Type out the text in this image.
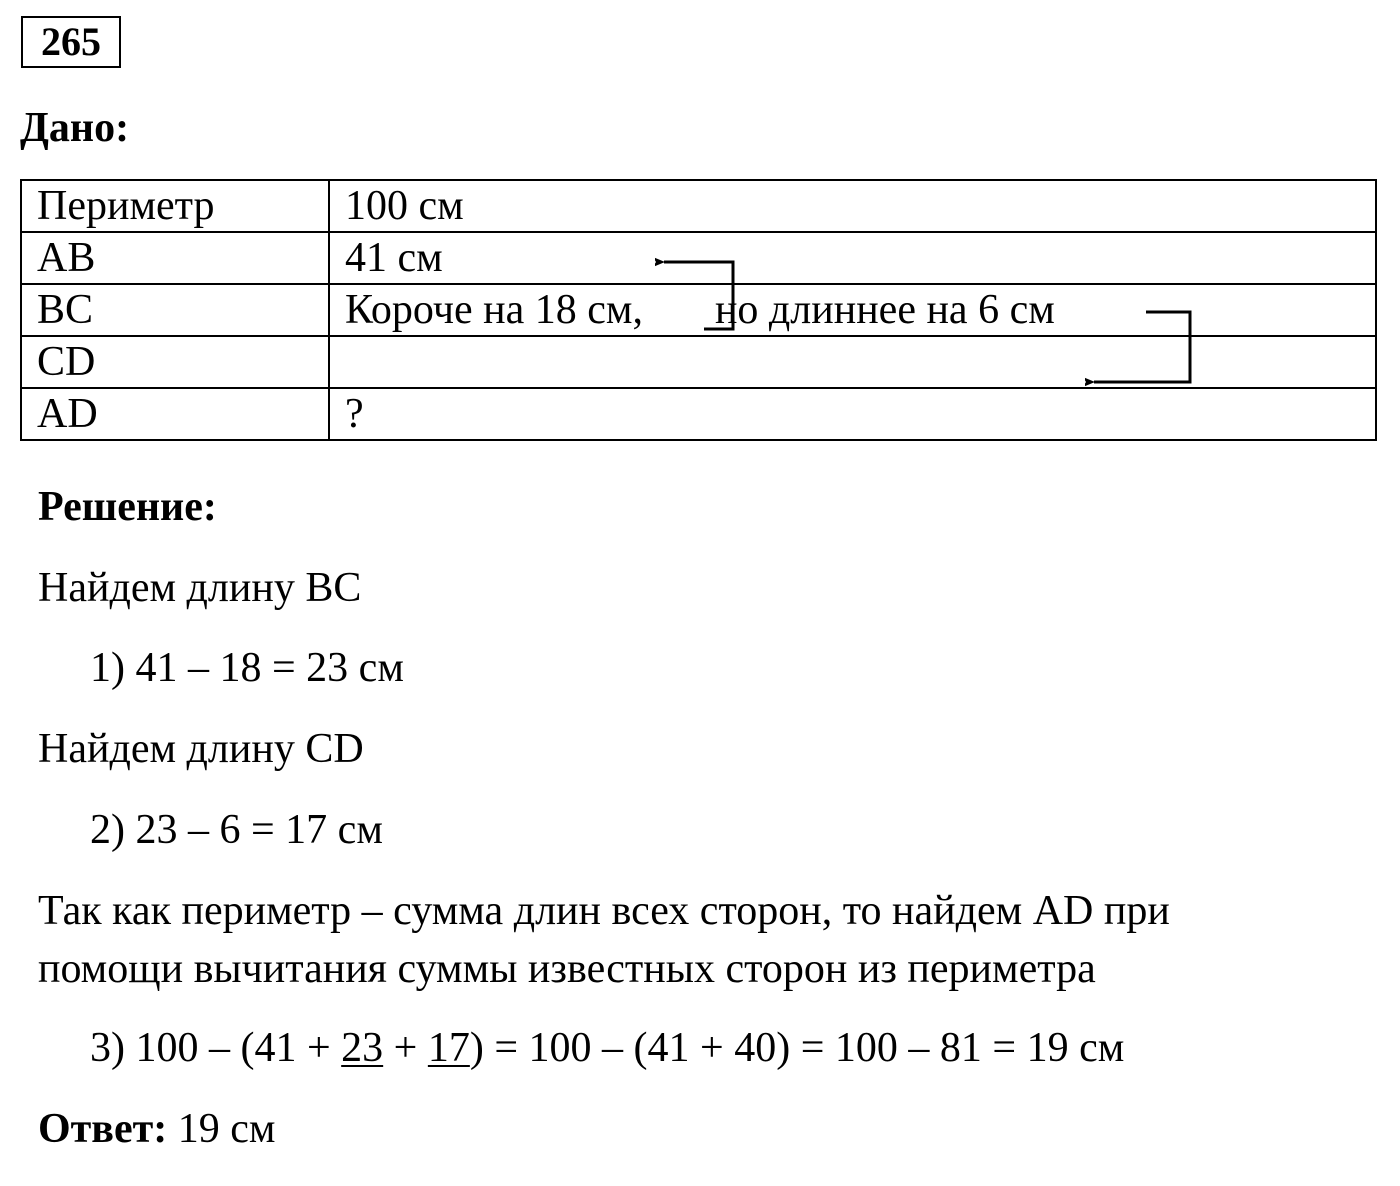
265
Дано:
Периметр	100 см
AB	41 см
BC	Короче на 18 см, но длиннее на 6 см
CD	
AD	?
Решение:
Найдем длину BC
1) 41 – 18 = 23 см
Найдем длину CD
2) 23 – 6 = 17 см
Так как периметр – сумма длин всех сторон, то найдем AD при
помощи вычитания суммы известных сторон из периметра
3) 100 – (41 + 23 + 17) = 100 – (41 + 40) = 100 – 81 = 19 см
Ответ: 19 см
